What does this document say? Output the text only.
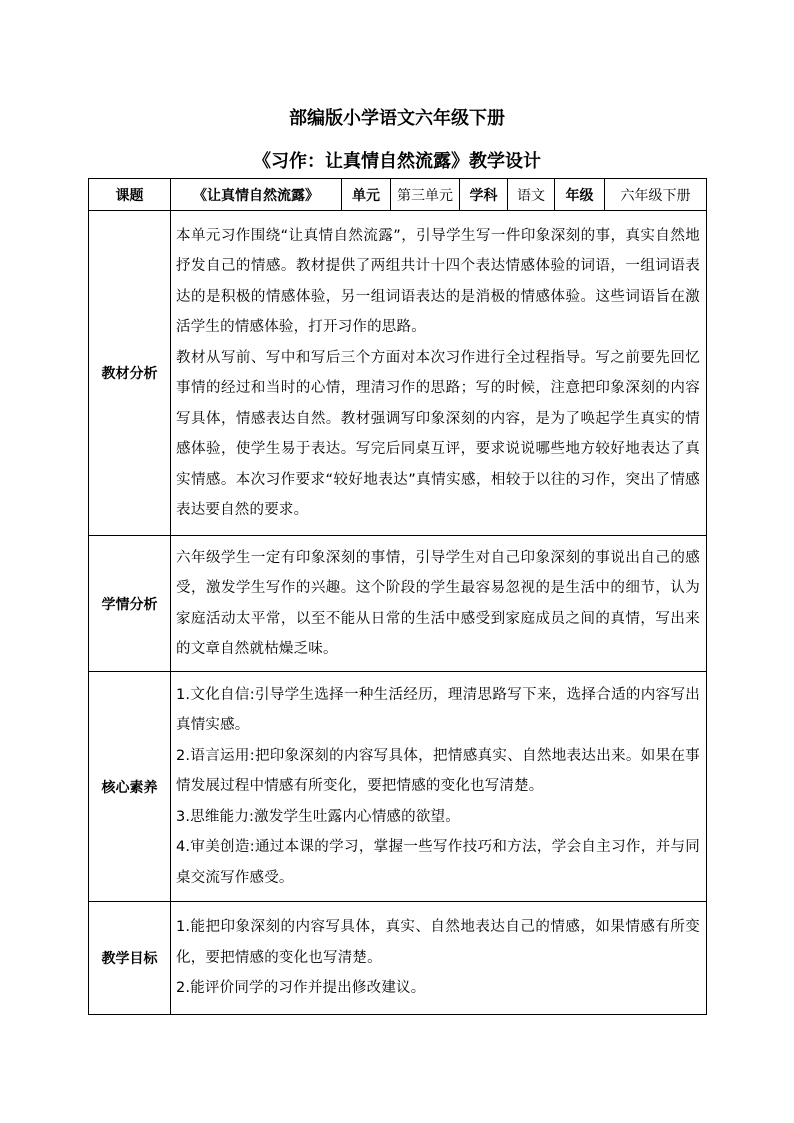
部编版小学语文六年级下册
《习作：让真情自然流露》教学设计
课题	《让真情自然流露》	单元	第三单元	学科	语文	年级	六年级下册
教材分析	本单元习作围绕“让真情自然流露”，引导学生写一件印象深刻的事，真实自然地抒发自己的情感。教材提供了两组共计十四个表达情感体验的词语，一组词语表达的是积极的情感体验，另一组词语表达的是消极的情感体验。这些词语旨在激活学生的情感体验，打开习作的思路。

教材从写前、写中和写后三个方面对本次习作进行全过程指导。写之前要先回忆事情的经过和当时的心情，理清习作的思路；写的时候，注意把印象深刻的内容写具体，情感表达自然。教材强调写印象深刻的内容，是为了唤起学生真实的情感体验，使学生易于表达。写完后同桌互评，要求说说哪些地方较好地表达了真实情感。本次习作要求“较好地表达”真情实感，相较于以往的习作，突出了情感表达要自然的要求。						

学情分析	六年级学生一定有印象深刻的事情，引导学生对自己印象深刻的事说出自己的感受，激发学生写作的兴趣。这个阶段的学生最容易忽视的是生活中的细节，认为家庭活动太平常，以至不能从日常的生活中感受到家庭成员之间的真情，写出来的文章自然就枯燥乏味。						

核心素养	1.文化自信:引导学生选择一种生活经历，理清思路写下来，选择合适的内容写出真情实感。

2.语言运用:把印象深刻的内容写具体，把情感真实、自然地表达出来。如果在事情发展过程中情感有所变化，要把情感的变化也写清楚。

3.思维能力:激发学生吐露内心情感的欲望。

4.审美创造:通过本课的学习，掌握一些写作技巧和方法，学会自主习作，并与同桌交流写作感受。						

教学目标	1.能把印象深刻的内容写具体，真实、自然地表达自己的情感，如果情感有所变化，要把情感的变化也写清楚。

2.能评价同学的习作并提出修改建议。						
